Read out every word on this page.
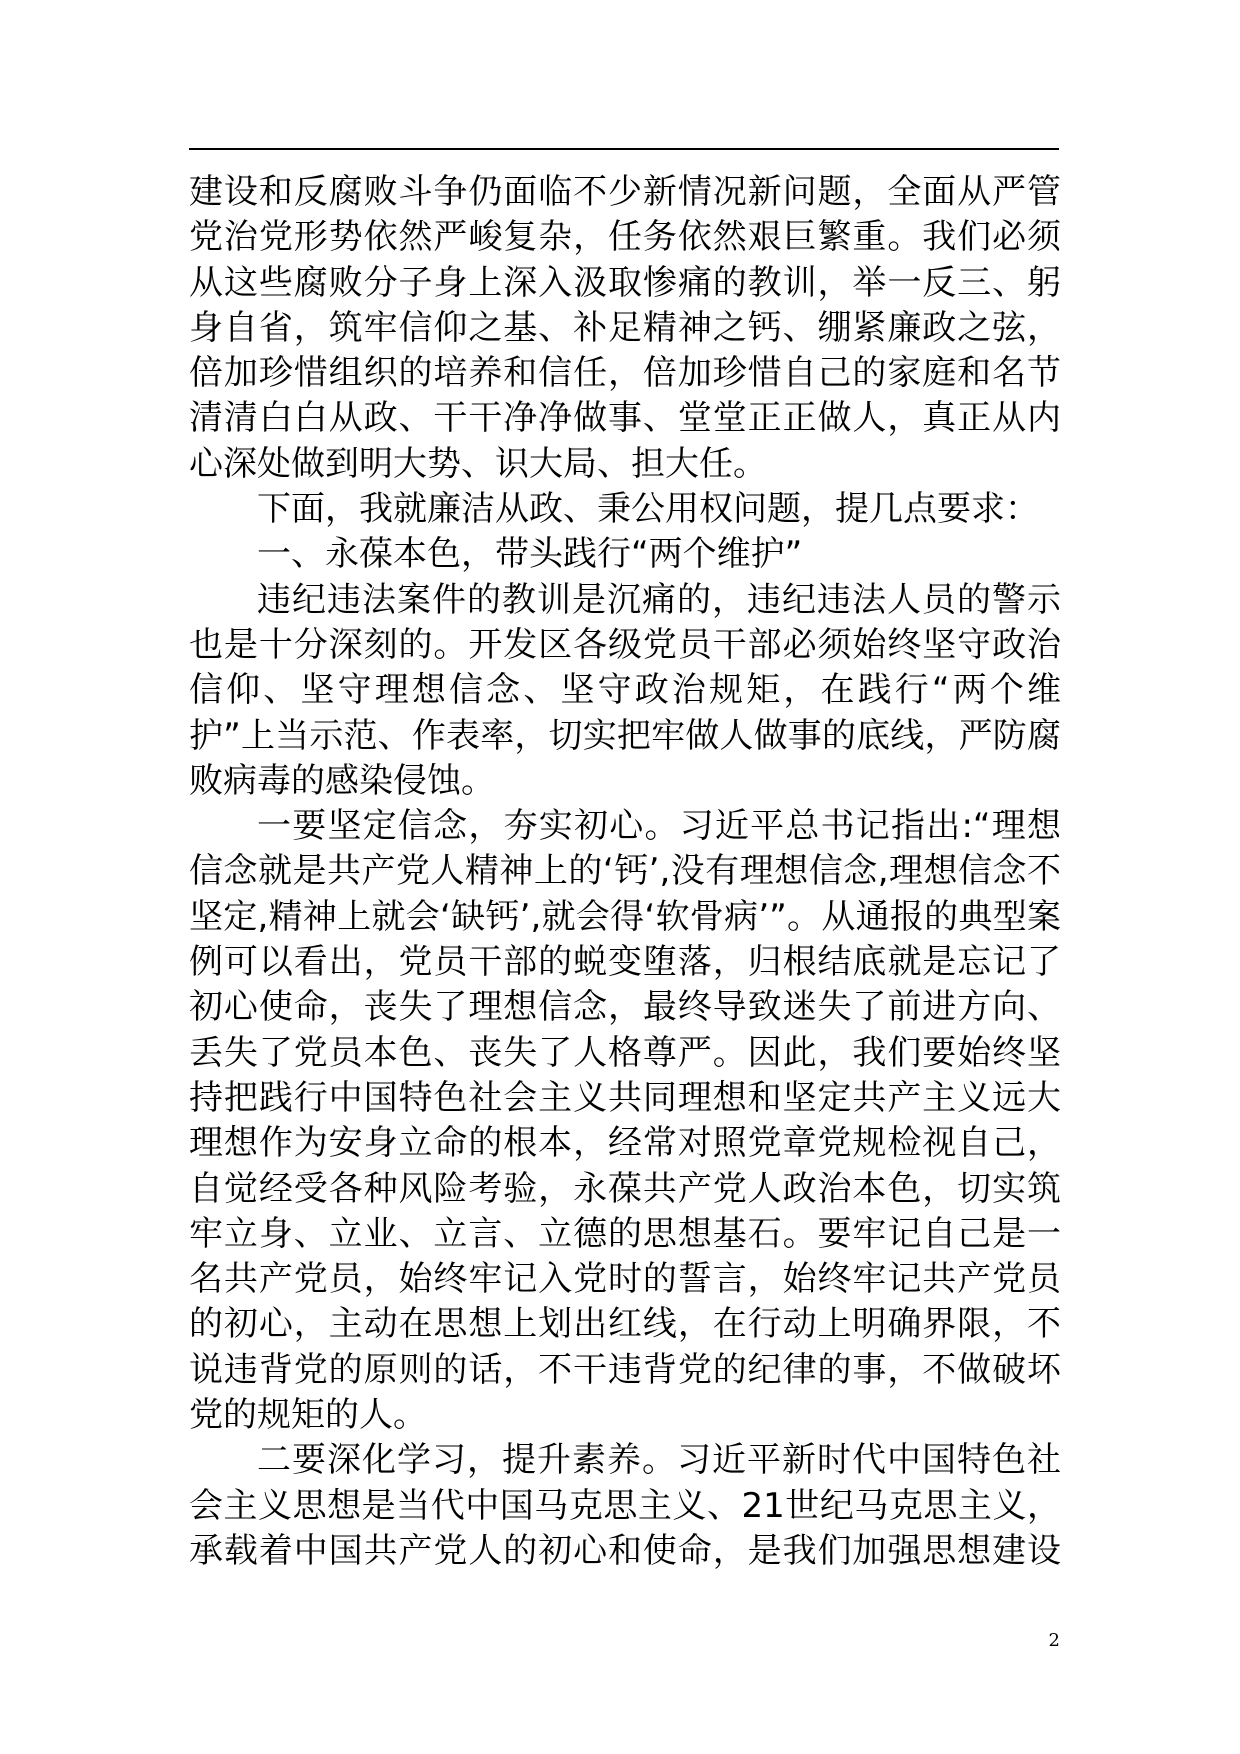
建设和反腐败斗争仍面临不少新情况新问题，全面从严管党治党形势依然严峻复杂，任务依然艰巨繁重。我们必须从这些腐败分子身上深入汲取惨痛的教训，举一反三、躬身自省，筑牢信仰之基、补足精神之钙、绷紧廉政之弦，倍加珍惜组织的培养和信任，倍加珍惜自己的家庭和名节清清白白从政、干干净净做事、堂堂正正做人，真正从内心深处做到明大势、识大局、担大任。

下面，我就廉洁从政、秉公用权问题，提几点要求：

一、永葆本色，带头践行“两个维护”

违纪违法案件的教训是沉痛的，违纪违法人员的警示也是十分深刻的。开发区各级党员干部必须始终坚守政治信仰、坚守理想信念、坚守政治规矩，在践行“两个维护”上当示范、作表率，切实把牢做人做事的底线，严防腐败病毒的感染侵蚀。

一要坚定信念，夯实初心。习近平总书记指出:“理想信念就是共产党人精神上的‘钙’,没有理想信念,理想信念不坚定,精神上就会‘缺钙’,就会得‘软骨病’”。从通报的典型案例可以看出，党员干部的蜕变堕落，归根结底就是忘记了初心使命，丧失了理想信念，最终导致迷失了前进方向、丢失了党员本色、丧失了人格尊严。因此，我们要始终坚持把践行中国特色社会主义共同理想和坚定共产主义远大理想作为安身立命的根本，经常对照党章党规检视自己，自觉经受各种风险考验，永葆共产党人政治本色，切实筑牢立身、立业、立言、立德的思想基石。要牢记自己是一名共产党员，始终牢记入党时的誓言，始终牢记共产党员的初心，主动在思想上划出红线，在行动上明确界限，不说违背党的原则的话，不干违背党的纪律的事，不做破坏党的规矩的人。

二要深化学习，提升素养。习近平新时代中国特色社会主义思想是当代中国马克思主义、21世纪马克思主义，承载着中国共产党人的初心和使命，是我们加强思想建设

2
